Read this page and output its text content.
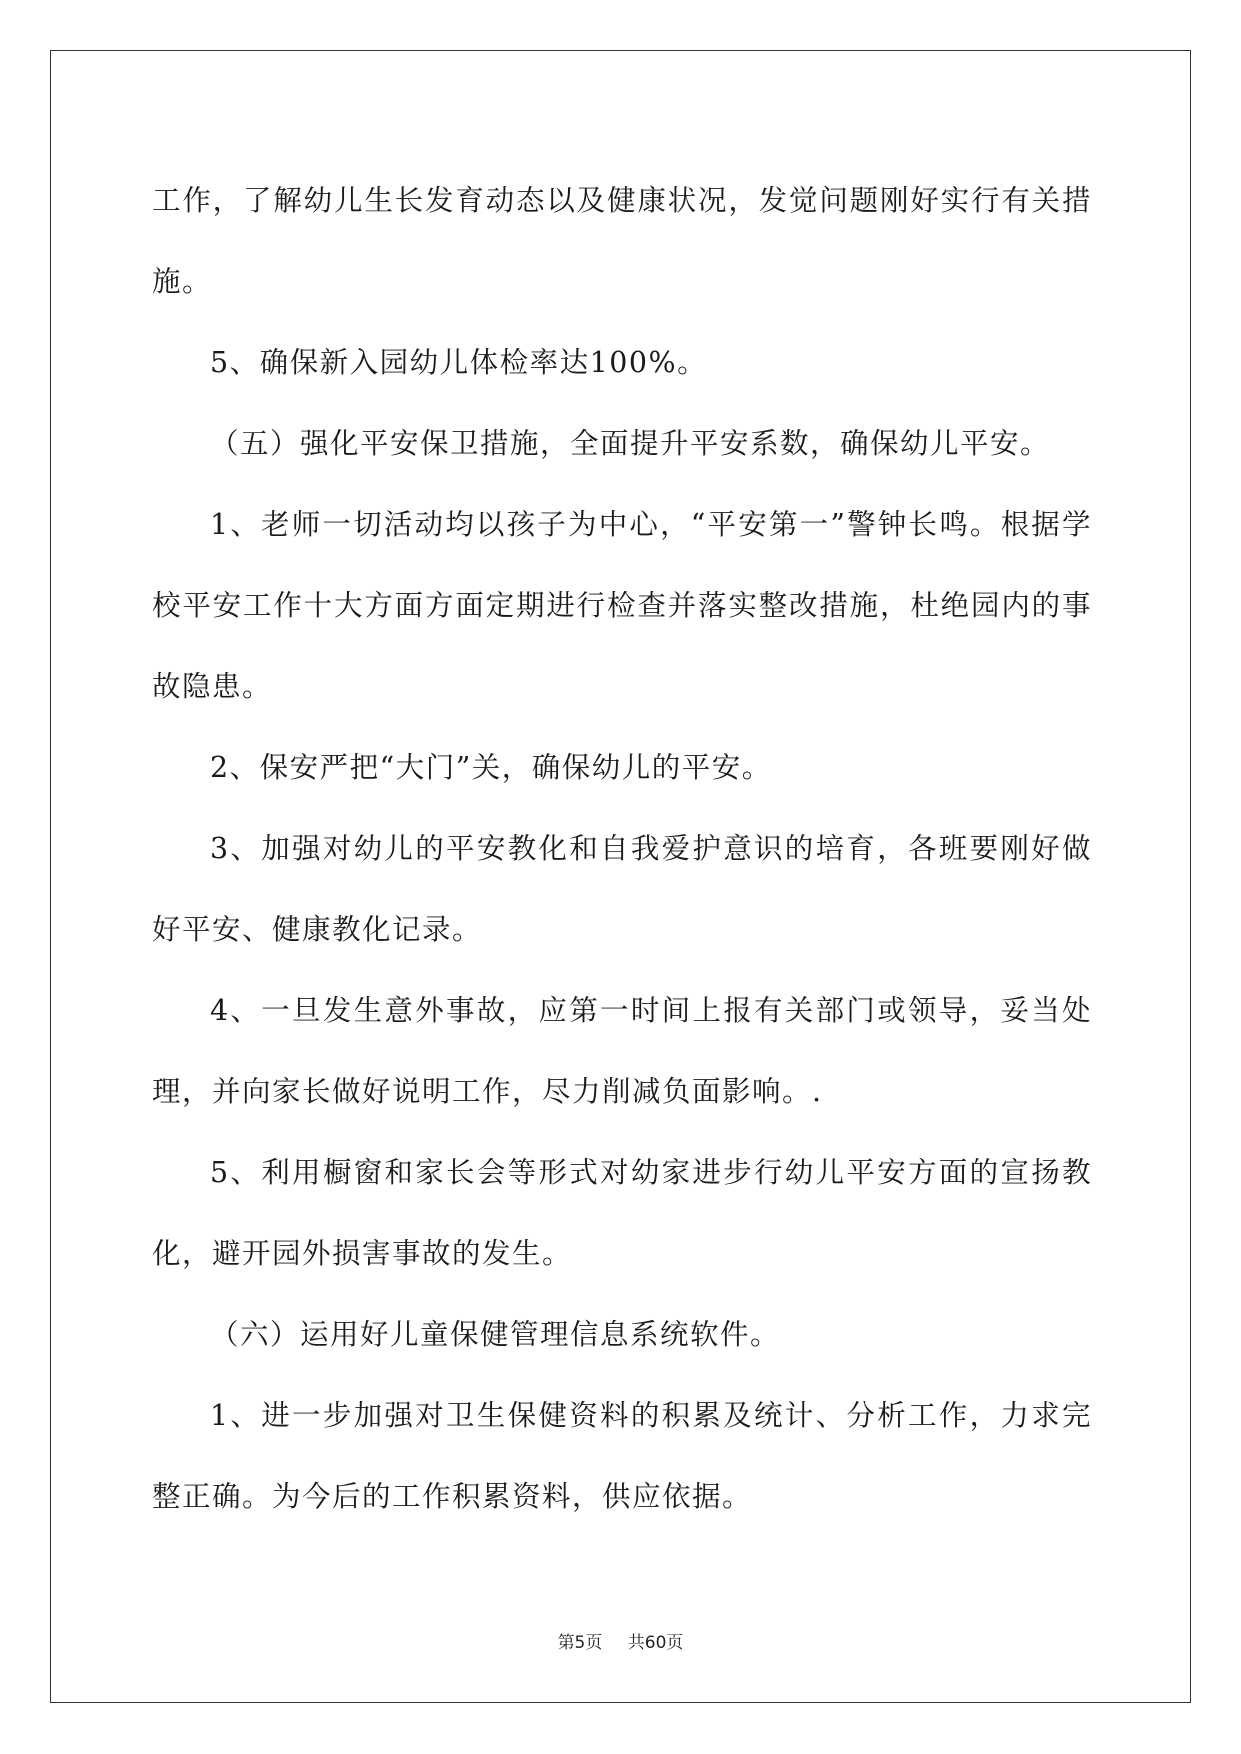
工作，了解幼儿生长发育动态以及健康状况，发觉问题刚好实行有关措施。

5、确保新入园幼儿体检率达100%。

（五）强化平安保卫措施，全面提升平安系数，确保幼儿平安。

1、老师一切活动均以孩子为中心，“平安第一”警钟长鸣。根据学校平安工作十大方面方面定期进行检查并落实整改措施，杜绝园内的事故隐患。

2、保安严把“大门”关，确保幼儿的平安。

3、加强对幼儿的平安教化和自我爱护意识的培育，各班要刚好做好平安、健康教化记录。

4、一旦发生意外事故，应第一时间上报有关部门或领导，妥当处理，并向家长做好说明工作，尽力削减负面影响。.

5、利用橱窗和家长会等形式对幼家进步行幼儿平安方面的宣扬教化，避开园外损害事故的发生。

（六）运用好儿童保健管理信息系统软件。

1、进一步加强对卫生保健资料的积累及统计、分析工作，力求完整正确。为今后的工作积累资料，供应依据。

第5页 共60页
